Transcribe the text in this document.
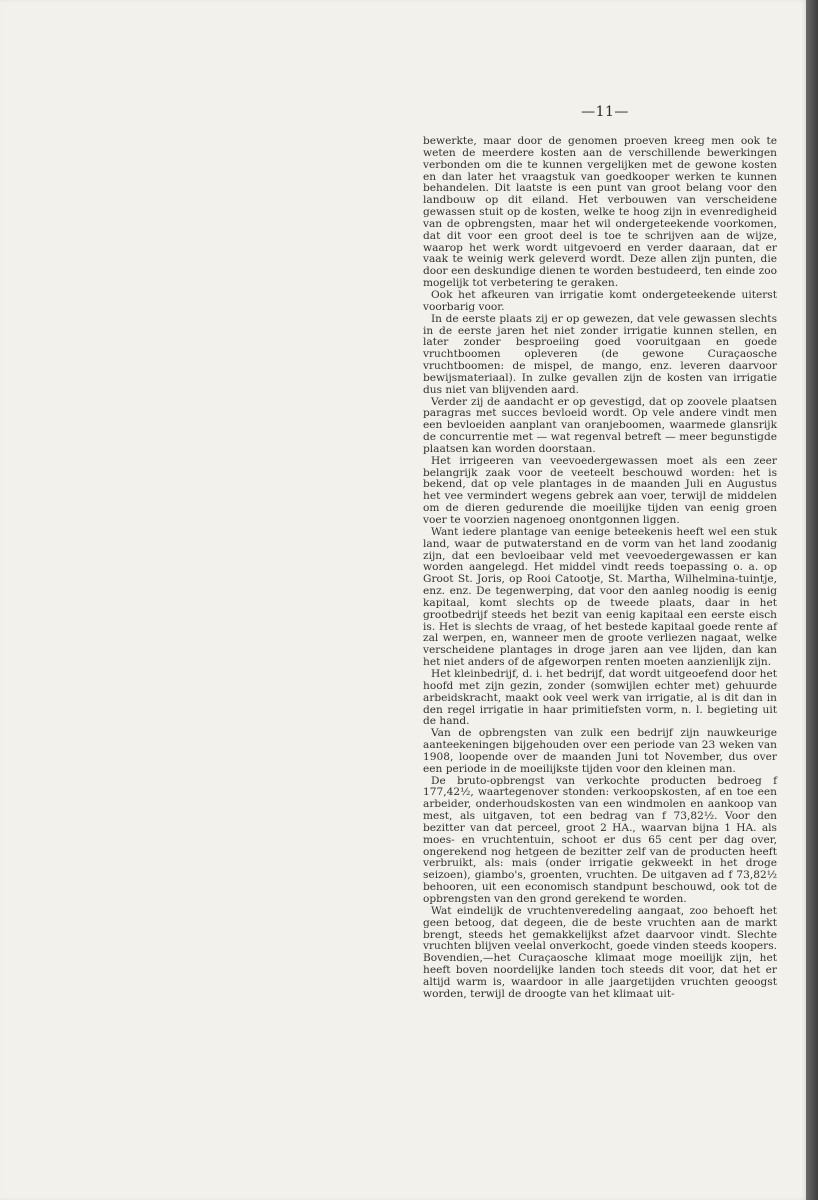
—11—

bewerkte, maar door de genomen proeven kreeg men ook te weten de meerdere kosten aan de verschillende bewerkingen verbonden om die te kunnen vergelijken met de gewone kosten en dan later het vraagstuk van goedkooper werken te kunnen behandelen. Dit laatste is een punt van groot belang voor den landbouw op dit eiland. Het verbouwen van verscheidene gewassen stuit op de kosten, welke te hoog zijn in evenredigheid van de opbrengsten, maar het wil ondergeteekende voorkomen, dat dit voor een groot deel is toe te schrijven aan de wijze, waarop het werk wordt uitgevoerd en verder daaraan, dat er vaak te weinig werk geleverd wordt. Deze allen zijn punten, die door een deskundige dienen te worden bestudeerd, ten einde zoo mogelijk tot verbetering te geraken.

Ook het afkeuren van irrigatie komt ondergeteekende uiterst voorbarig voor.

In de eerste plaats zij er op gewezen, dat vele gewassen slechts in de eerste jaren het niet zonder irrigatie kunnen stellen, en later zonder besproeiing goed vooruitgaan en goede vruchtboomen opleveren (de gewone Curaçaosche vruchtboomen: de mispel, de mango, enz. leveren daarvoor bewijsmateriaal). In zulke gevallen zijn de kosten van irrigatie dus niet van blijvenden aard.

Verder zij de aandacht er op gevestigd, dat op zoovele plaatsen paragras met succes bevloeid wordt. Op vele andere vindt men een bevloeiden aanplant van oranjeboomen, waarmede glansrijk de concurrentie met — wat regenval betreft — meer begunstigde plaatsen kan worden doorstaan.

Het irrigeeren van veevoedergewassen moet als een zeer belangrijk zaak voor de veeteelt beschouwd worden: het is bekend, dat op vele plantages in de maanden Juli en Augustus het vee vermindert wegens gebrek aan voer, terwijl de middelen om de dieren gedurende die moeilijke tijden van eenig groen voer te voorzien nagenoeg onontgonnen liggen.

Want iedere plantage van eenige beteekenis heeft wel een stuk land, waar de putwaterstand en de vorm van het land zoodanig zijn, dat een bevloeibaar veld met veevoedergewassen er kan worden aangelegd. Het middel vindt reeds toepassing o. a. op Groot St. Joris, op Rooi Catootje, St. Martha, Wilhelmina-tuintje, enz. enz. De tegenwerping, dat voor den aanleg noodig is eenig kapitaal, komt slechts op de tweede plaats, daar in het grootbedrijf steeds het bezit van eenig kapitaal een eerste eisch is. Het is slechts de vraag, of het bestede kapitaal goede rente af zal werpen, en, wanneer men de groote verliezen nagaat, welke verscheidene plantages in droge jaren aan vee lijden, dan kan het niet anders of de afgeworpen renten moeten aanzienlijk zijn.

Het kleinbedrijf, d. i. het bedrijf, dat wordt uitgeoefend door het hoofd met zijn gezin, zonder (somwijlen echter met) gehuurde arbeidskracht, maakt ook veel werk van irrigatie, al is dit dan in den regel irrigatie in haar primitiefsten vorm, n. l. begieting uit de hand.

Van de opbrengsten van zulk een bedrijf zijn nauwkeurige aanteekeningen bijgehouden over een periode van 23 weken van 1908, loopende over de maanden Juni tot November, dus over een periode in de moeilijkste tijden voor den kleinen man.

De bruto-opbrengst van verkochte producten bedroeg f 177,42½, waartegenover stonden: verkoopskosten, af en toe een arbeider, onderhoudskosten van een windmolen en aankoop van mest, als uitgaven, tot een bedrag van f 73,82½. Voor den bezitter van dat perceel, groot 2 HA., waarvan bijna 1 HA. als moes- en vruchtentuin, schoot er dus 65 cent per dag over, ongerekend nog hetgeen de bezitter zelf van de producten heeft verbruikt, als: mais (onder irrigatie gekweekt in het droge seizoen), giambo's, groenten, vruchten. De uitgaven ad f 73,82½ behooren, uit een economisch standpunt beschouwd, ook tot de opbrengsten van den grond gerekend te worden.

Wat eindelijk de vruchtenveredeling aangaat, zoo behoeft het geen betoog, dat degeen, die de beste vruchten aan de markt brengt, steeds het gemakkelijkst afzet daarvoor vindt. Slechte vruchten blijven veelal onverkocht, goede vinden steeds koopers. Bovendien,—het Curaçaosche klimaat moge moeilijk zijn, het heeft boven noordelijke landen toch steeds dit voor, dat het er altijd warm is, waardoor in alle jaargetijden vruchten geoogst worden, terwijl de droogte van het klimaat uit-
